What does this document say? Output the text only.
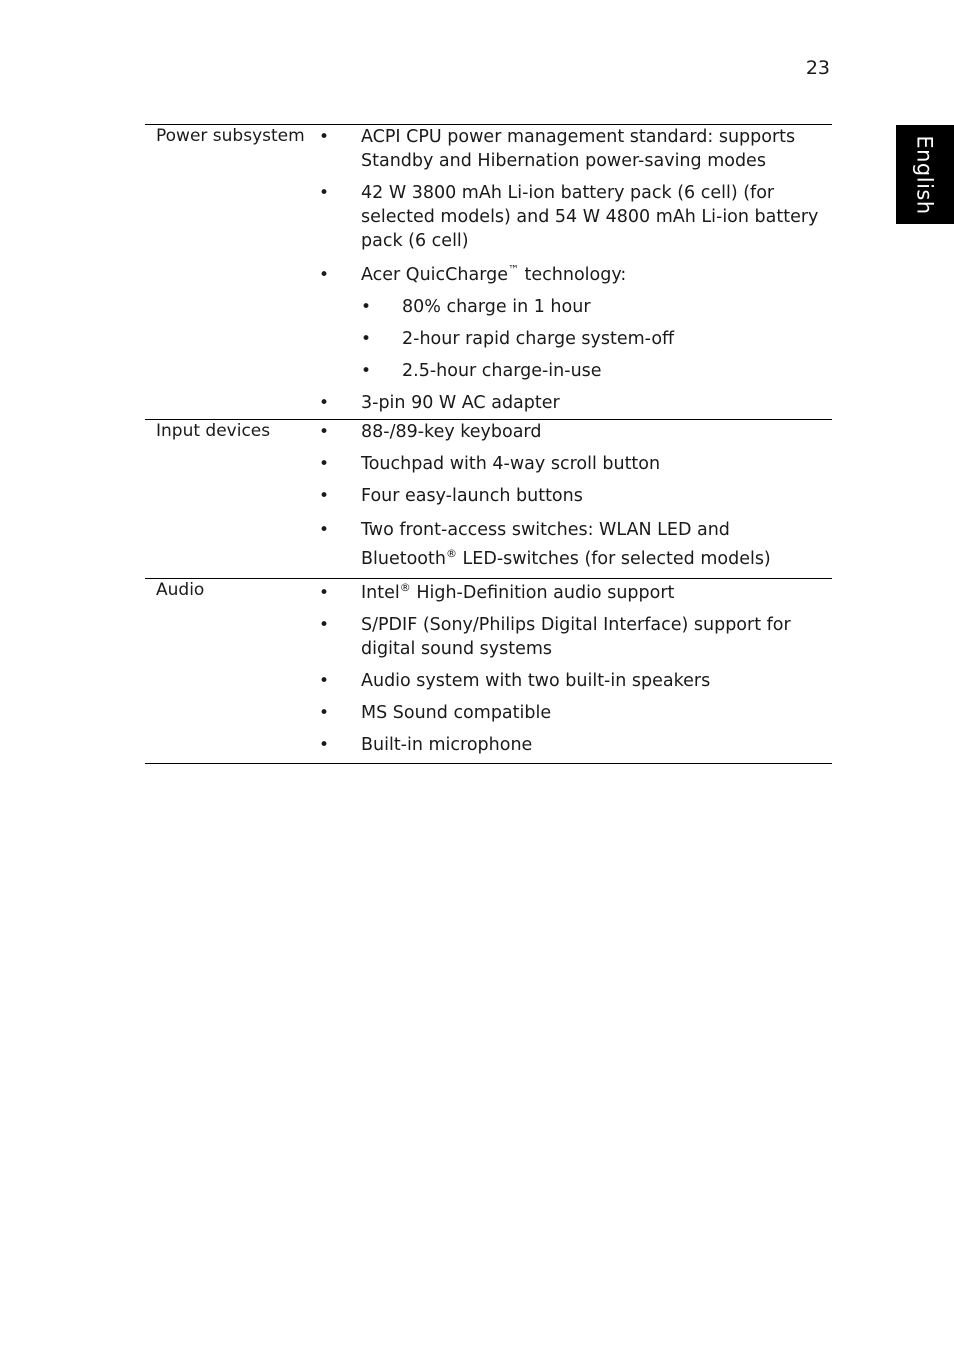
23
English
Power subsystem • ACPI CPU power management standard: supports Standby and Hibernation power-saving modes
• 42 W 3800 mAh Li-ion battery pack (6 cell) (for selected models) and 54 W 4800 mAh Li-ion battery pack (6 cell)
• Acer QuicCharge™ technology:
• 80% charge in 1 hour
• 2-hour rapid charge system-off
• 2.5-hour charge-in-use
• 3-pin 90 W AC adapter
Input devices	• 88-/89-key keyboard
• Touchpad with 4-way scroll button
• Four easy-launch buttons
• Two front-access switches: WLAN LED and Bluetooth® LED-switches (for selected models)
Audio	• Intel® High-Definition audio support
• S/PDIF (Sony/Philips Digital Interface) support for digital sound systems
• Audio system with two built-in speakers
• MS Sound compatible
• Built-in microphone
